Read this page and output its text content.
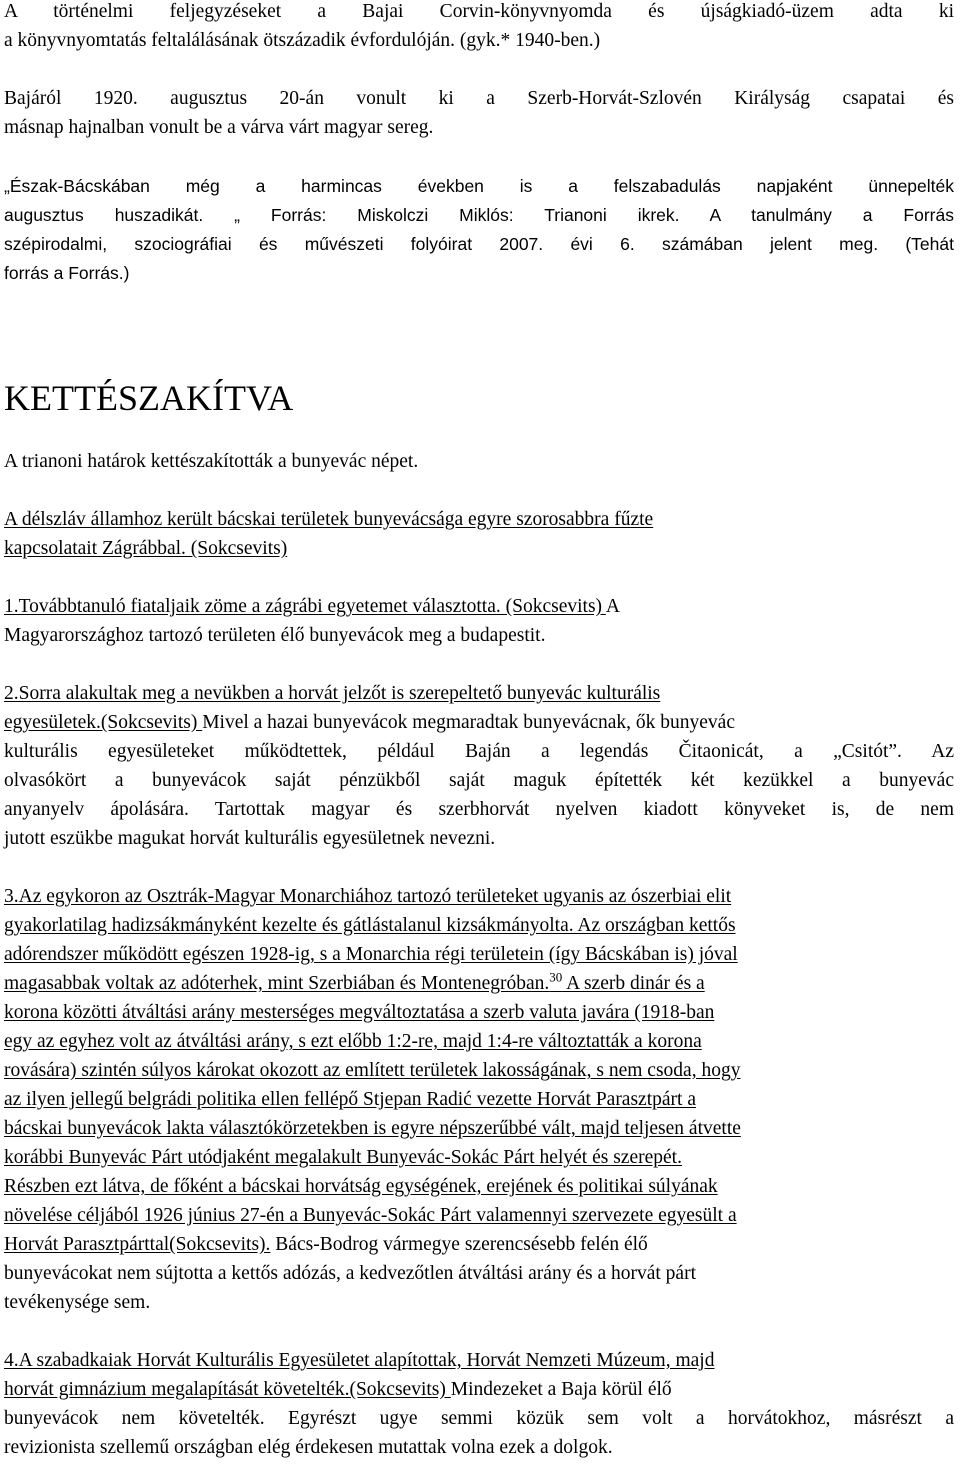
A történelmi feljegyzéseket a Bajai Corvin-könyvnyomda és újságkiadó-üzem adta ki
a könyvnyomtatás feltalálásának ötszázadik évfordulóján. (gyk.* 1940-ben.)
Bajáról 1920. augusztus 20-án vonult ki a Szerb-Horvát-Szlovén Királyság csapatai és
másnap hajnalban vonult be a várva várt magyar sereg.
„Észak-Bácskában még a harmincas években is a felszabadulás napjaként ünnepelték
augusztus huszadikát. „ Forrás: Miskolczi Miklós: Trianoni ikrek. A tanulmány a Forrás
szépirodalmi, szociográfiai és művészeti folyóirat 2007. évi 6. számában jelent meg. (Tehát
forrás a Forrás.)
KETTÉSZAKÍTVA
A trianoni határok kettészakították a bunyevác népet.
A délszláv államhoz került bácskai területek bunyevácsága egyre szorosabbra fűzte
kapcsolatait Zágrábbal. (Sokcsevits)
1.Továbbtanuló fiataljaik zöme a zágrábi egyetemet választotta. (Sokcsevits) A
Magyarországhoz tartozó területen élő bunyevácok meg a budapestit.
2.Sorra alakultak meg a nevükben a horvát jelzőt is szerepeltető bunyevác kulturális
egyesületek.(Sokcsevits) Mivel a hazai bunyevácok megmaradtak bunyevácnak, ők bunyevác
kulturális egyesületeket működtettek, például Baján a legendás Čitaonicát, a „Csitót”. Az
olvasókört a bunyevácok saját pénzükből saját maguk építették két kezükkel a bunyevác
anyanyelv ápolására. Tartottak magyar és szerbhorvát nyelven kiadott könyveket is, de nem
jutott eszükbe magukat horvát kulturális egyesületnek nevezni.
3.Az egykoron az Osztrák-Magyar Monarchiához tartozó területeket ugyanis az ószerbiai elit
gyakorlatilag hadizsákmányként kezelte és gátlástalanul kizsákmányolta. Az országban kettős
adórendszer működött egészen 1928-ig, s a Monarchia régi területein (így Bácskában is) jóval
magasabbak voltak az adóterhek, mint Szerbiában és Montenegróban.$^{30}$ A szerb dinár és a
korona közötti átváltási arány mesterséges megváltoztatása a szerb valuta javára (1918-ban
egy az egyhez volt az átváltási arány, s ezt előbb 1:2-re, majd 1:4-re változtatták a korona
rovására) szintén súlyos károkat okozott az említett területek lakosságának, s nem csoda, hogy
az ilyen jellegű belgrádi politika ellen fellépő Stjepan Radić vezette Horvát Parasztpárt a
bácskai bunyevácok lakta választókörzetekben is egyre népszerűbbé vált, majd teljesen átvette
korábbi Bunyevác Párt utódjaként megalakult Bunyevác-Sokác Párt helyét és szerepét.
Részben ezt látva, de főként a bácskai horvátság egységének, erejének és politikai súlyának
növelése céljából 1926 június 27-én a Bunyevác-Sokác Párt valamennyi szervezete egyesült a
Horvát Parasztpárttal(Sokcsevits). Bács-Bodrog vármegye szerencsésebb felén élő
bunyevácokat nem sújtotta a kettős adózás, a kedvezőtlen átváltási arány és a horvát párt
tevékenysége sem.
4.A szabadkaiak Horvát Kulturális Egyesületet alapítottak, Horvát Nemzeti Múzeum, majd
horvát gimnázium megalapítását követelték.(Sokcsevits) Mindezeket a Baja körül élő
bunyevácok nem követelték. Egyrészt ugye semmi közük sem volt a horvátokhoz, másrészt a
revizionista szellemű országban elég érdekesen mutattak volna ezek a dolgok.
